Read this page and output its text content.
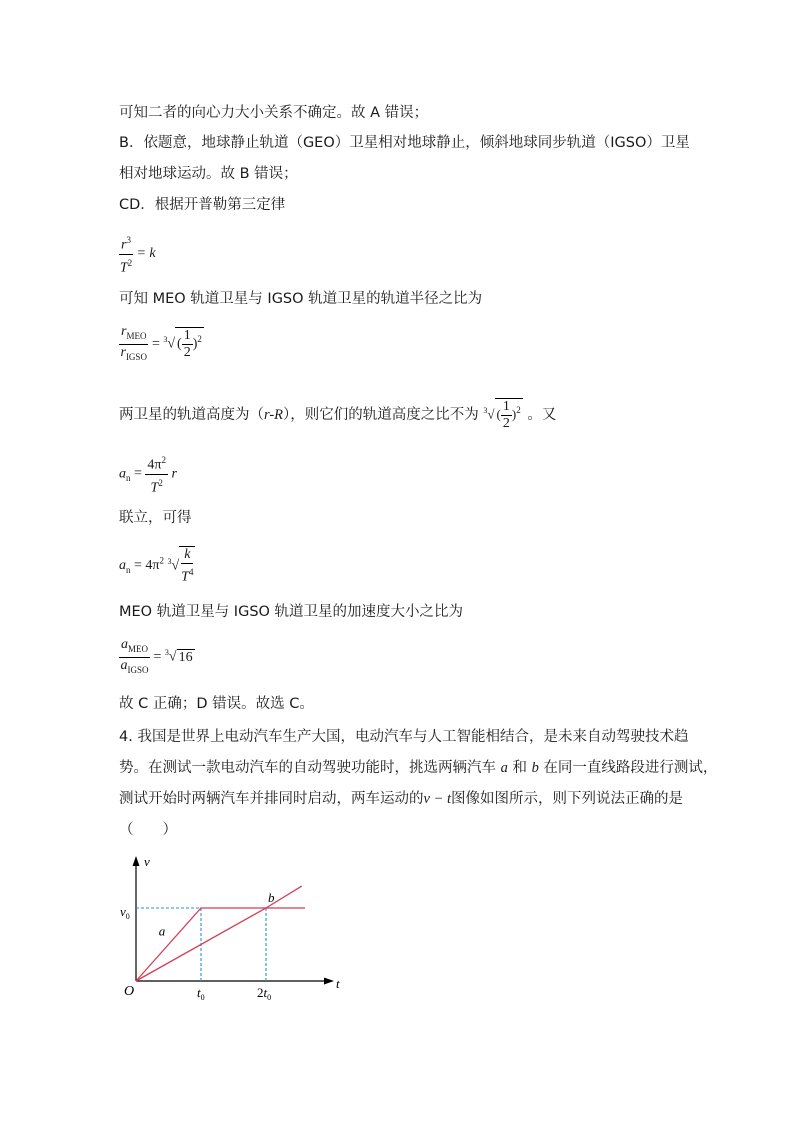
可知二者的向心力大小关系不确定。故 A 错误；
B．依题意，地球静止轨道（GEO）卫星相对地球静止，倾斜地球同步轨道（IGSO）卫星
相对地球运动。故 B 错误；
CD．根据开普勒第三定律
$\frac{r^3}{T^2} = k$
可知 MEO 轨道卫星与 IGSO 轨道卫星的轨道半径之比为
$\frac{r_{MEO}}{r_{IGSO}} = ^3√$ ( $\frac{1}{2} )^2$
两卫星的轨道高度为（r-R），则它们的轨道高度之比不为 $^3$√ ( $\frac{1}{2} )^2$ 。又
$a_n = \frac{4\pi^2}{T^2}$ r
联立，可得
$a_n = 4\pi^2$ $^3√ \frac{k}{T^4}$
MEO 轨道卫星与 IGSO 轨道卫星的加速度大小之比为
$\frac{a_{MEO}}{a_{IGSO}} = ^3√$ 16
故 C 正确；D 错误。故选 C。
4. 我国是世界上电动汽车生产大国，电动汽车与人工智能相结合，是未来自动驾驶技术趋
势。在测试一款电动汽车的自动驾驶功能时，挑选两辆汽车 a 和 b 在同一直线路段进行测试，
测试开始时两辆汽车并排同时启动，两车运动的v − t图像如图所示，则下列说法正确的是
（　　）
a
b
v
t
O
$v_0$
$t_0$	$2t_0$
